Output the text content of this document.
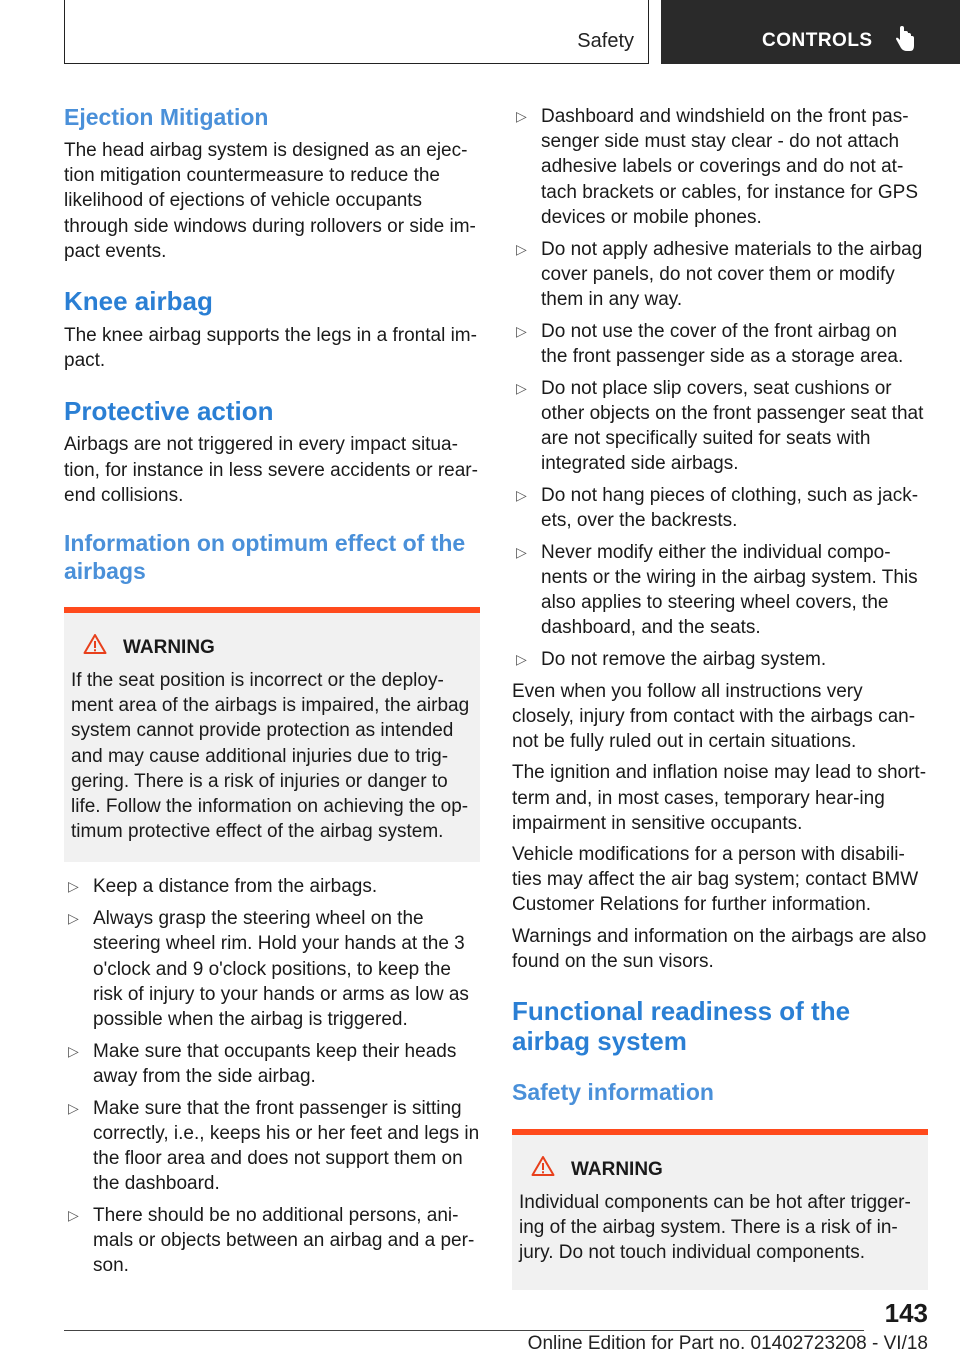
Safety	CONTROLS
Ejection Mitigation

The head airbag system is designed as an ejec-tion mitigation countermeasure to reduce the likelihood of ejections of vehicle occupants through side windows during rollovers or side im-pact events.

Knee airbag

The knee airbag supports the legs in a frontal im-pact.

Protective action

Airbags are not triggered in every impact situa-tion, for instance in less severe accidents or rear-end collisions.

Information on optimum effect of the airbags
WARNING

If the seat position is incorrect or the deploy-ment area of the airbags is impaired, the airbag system cannot provide protection as intended and may cause additional injuries due to trig-gering. There is a risk of injuries or danger to life. Follow the information on achieving the op-timum protective effect of the airbag system.

▷ Keep a distance from the airbags.
▷ Always grasp the steering wheel on the steering wheel rim. Hold your hands at the 3 o'clock and 9 o'clock positions, to keep the risk of injury to your hands or arms as low as possible when the airbag is triggered.
▷ Make sure that occupants keep their heads away from the side airbag.
▷ Make sure that the front passenger is sitting correctly, i.e., keeps his or her feet and legs in the floor area and does not support them on the dashboard.
▷ There should be no additional persons, ani-mals or objects between an airbag and a per-son.
▷ Dashboard and windshield on the front pas-senger side must stay clear - do not attach adhesive labels or coverings and do not at-tach brackets or cables, for instance for GPS devices or mobile phones.
▷ Do not apply adhesive materials to the airbag cover panels, do not cover them or modify them in any way.
▷ Do not use the cover of the front airbag on the front passenger side as a storage area.
▷ Do not place slip covers, seat cushions or other objects on the front passenger seat that are not specifically suited for seats with integrated side airbags.
▷ Do not hang pieces of clothing, such as jack-ets, over the backrests.
▷ Never modify either the individual compo-nents or the wiring in the airbag system. This also applies to steering wheel covers, the dashboard, and the seats.
▷ Do not remove the airbag system.

Even when you follow all instructions very closely, injury from contact with the airbags can-not be fully ruled out in certain situations.

The ignition and inflation noise may lead to short-term and, in most cases, temporary hear-ing impairment in sensitive occupants.

Vehicle modifications for a person with disabili-ties may affect the air bag system; contact BMW Customer Relations for further information.

Warnings and information on the airbags are also found on the sun visors.

Functional readiness of the airbag system
Safety information
WARNING

Individual components can be hot after trigger-ing of the airbag system. There is a risk of in-jury. Do not touch individual components.

143
Online Edition for Part no. 01402723208 - VI/18
